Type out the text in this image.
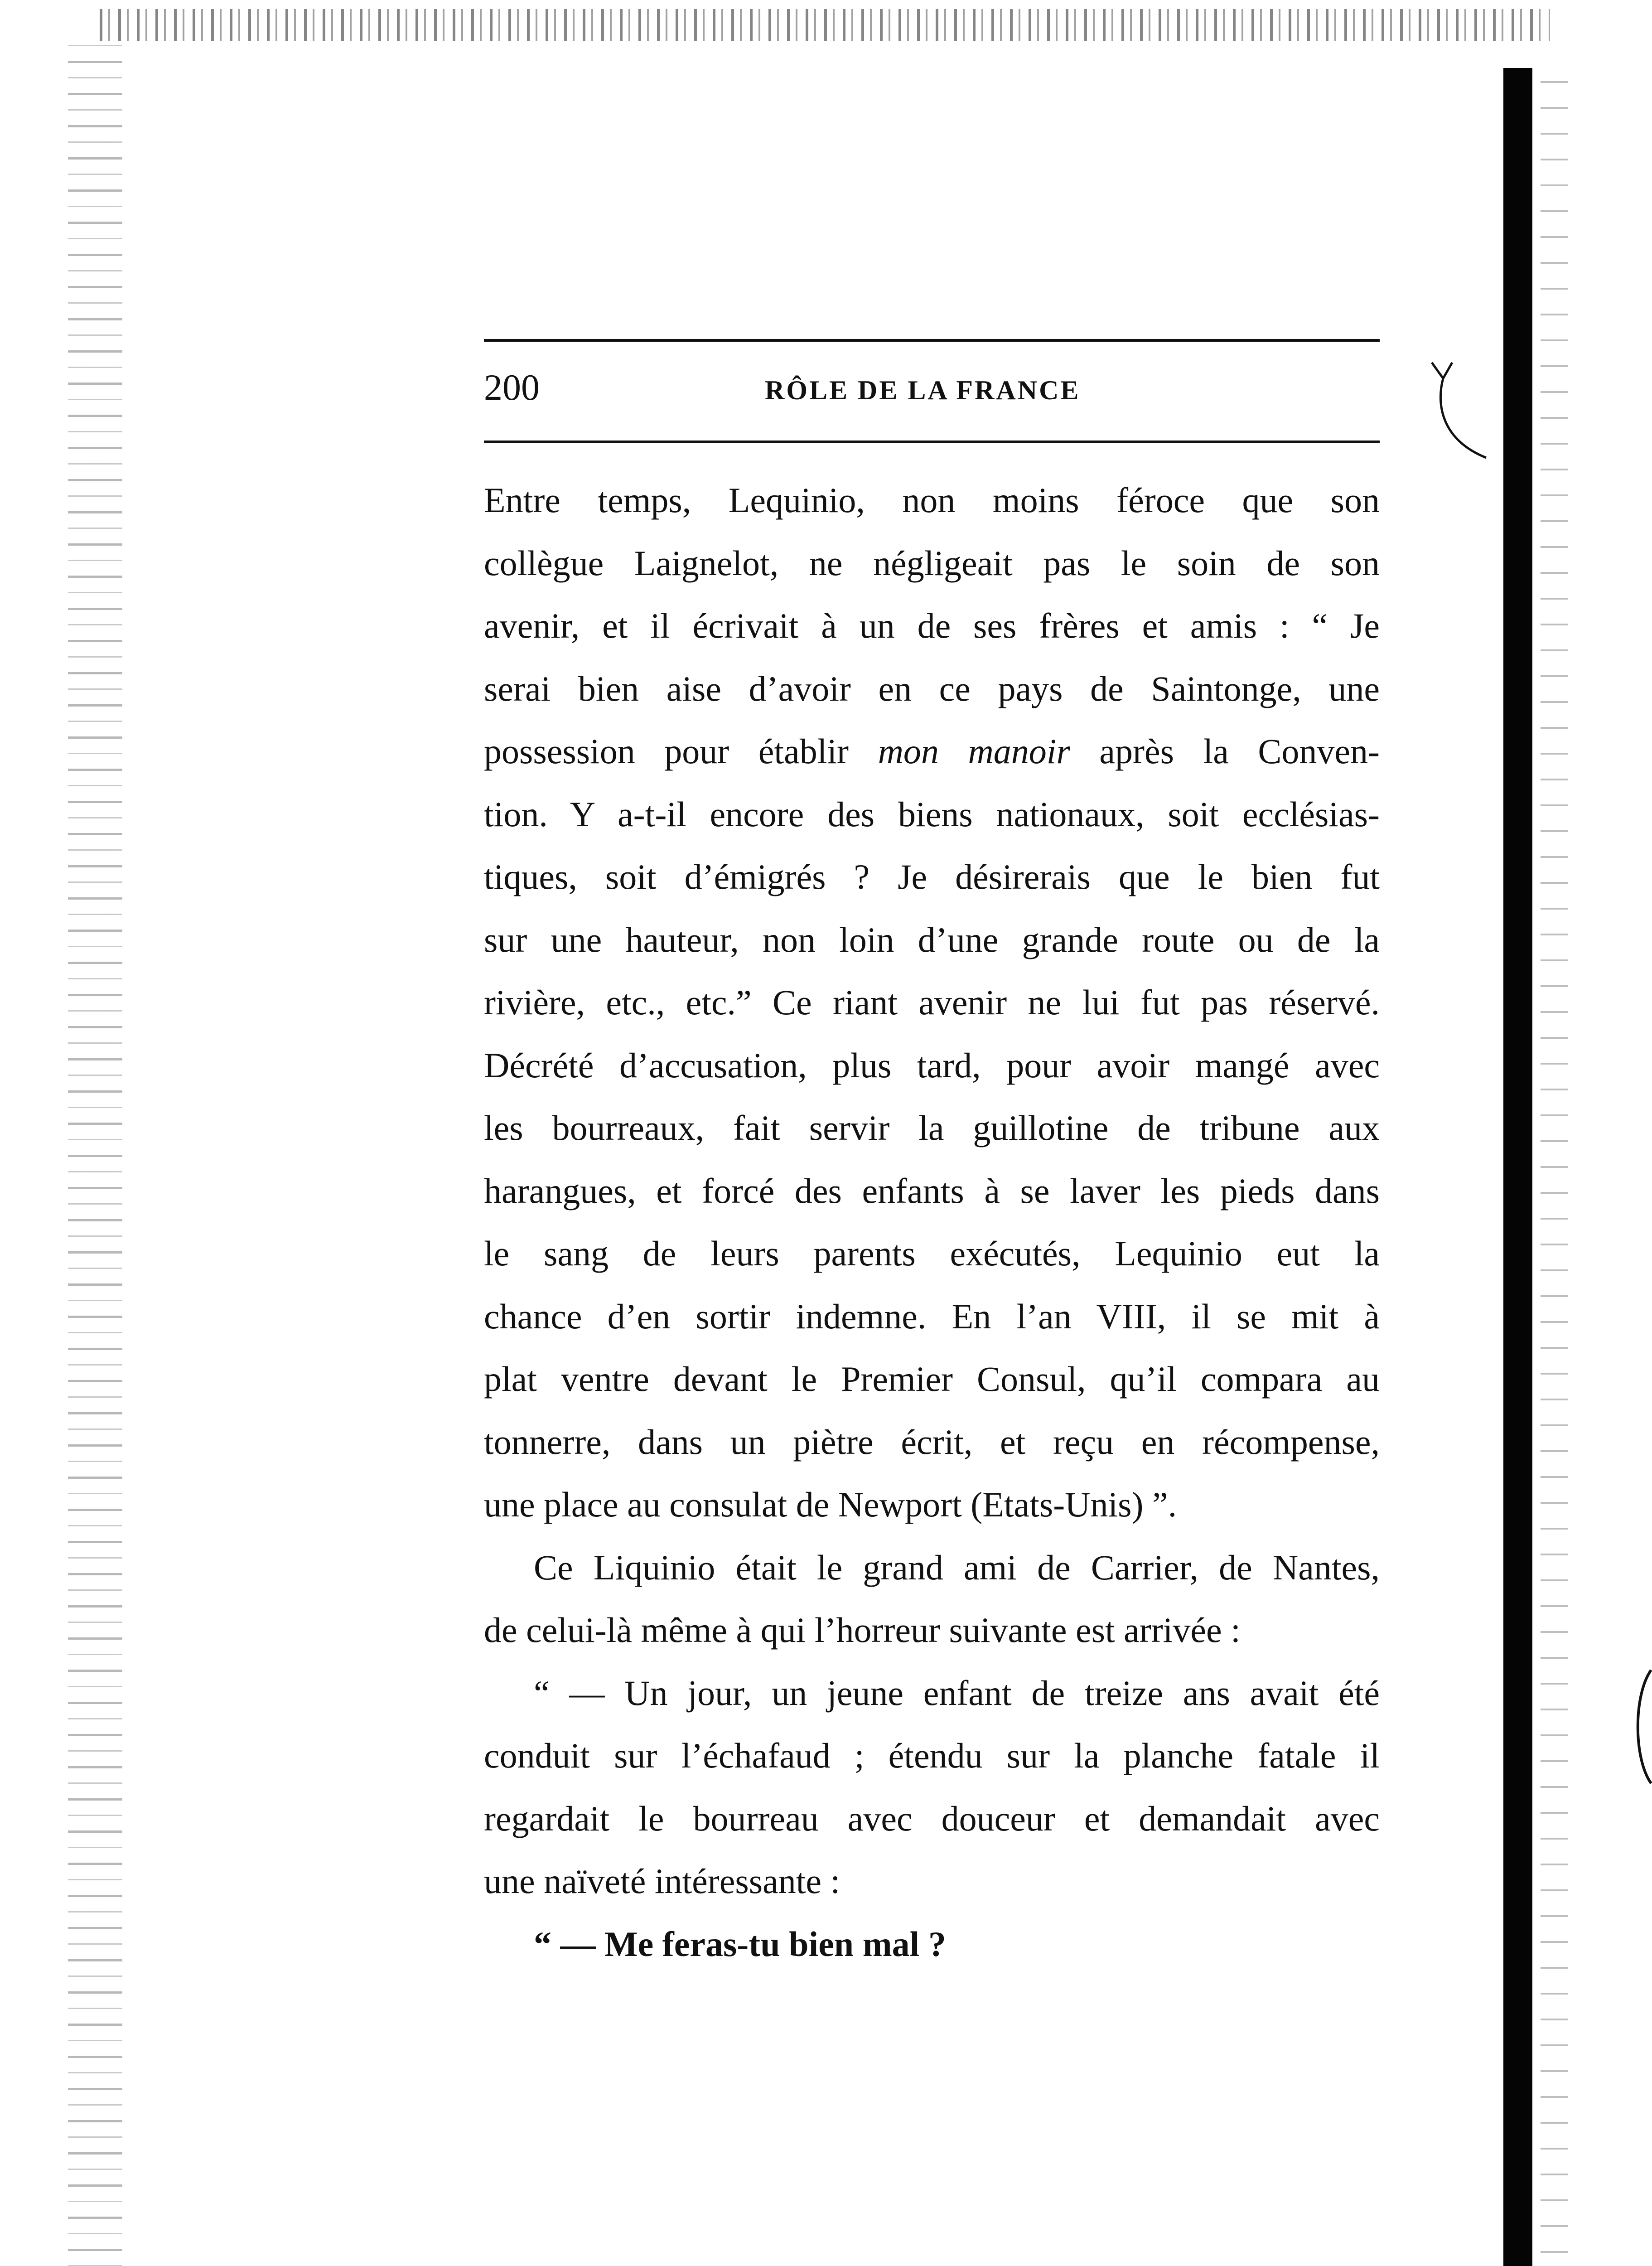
200	RÔLE DE LA FRANCE
Entre temps, Lequinio, non moins féroce que son
collègue Laignelot, ne négligeait pas le soin de son
avenir, et il écrivait à un de ses frères et amis : “ Je
serai bien aise d’avoir en ce pays de Saintonge, une
possession pour établir mon manoir après la Conven-
tion. Y a-t-il encore des biens nationaux, soit ecclésias-
tiques, soit d’émigrés ? Je désirerais que le bien fut
sur une hauteur, non loin d’une grande route ou de la
rivière, etc., etc.” Ce riant avenir ne lui fut pas réservé.
Décrété d’accusation, plus tard, pour avoir mangé avec
les bourreaux, fait servir la guillotine de tribune aux
harangues, et forcé des enfants à se laver les pieds dans
le sang de leurs parents exécutés, Lequinio eut la
chance d’en sortir indemne. En l’an VIII, il se mit à
plat ventre devant le Premier Consul, qu’il compara au
tonnerre, dans un piètre écrit, et reçu en récompense,
une place au consulat de Newport (Etats-Unis) ”.
Ce Liquinio était le grand ami de Carrier, de Nantes,
de celui-là même à qui l’horreur suivante est arrivée :
“ — Un jour, un jeune enfant de treize ans avait été
conduit sur l’échafaud ; étendu sur la planche fatale il
regardait le bourreau avec douceur et demandait avec
une naïveté intéressante :
“ — Me feras-tu bien mal ?
